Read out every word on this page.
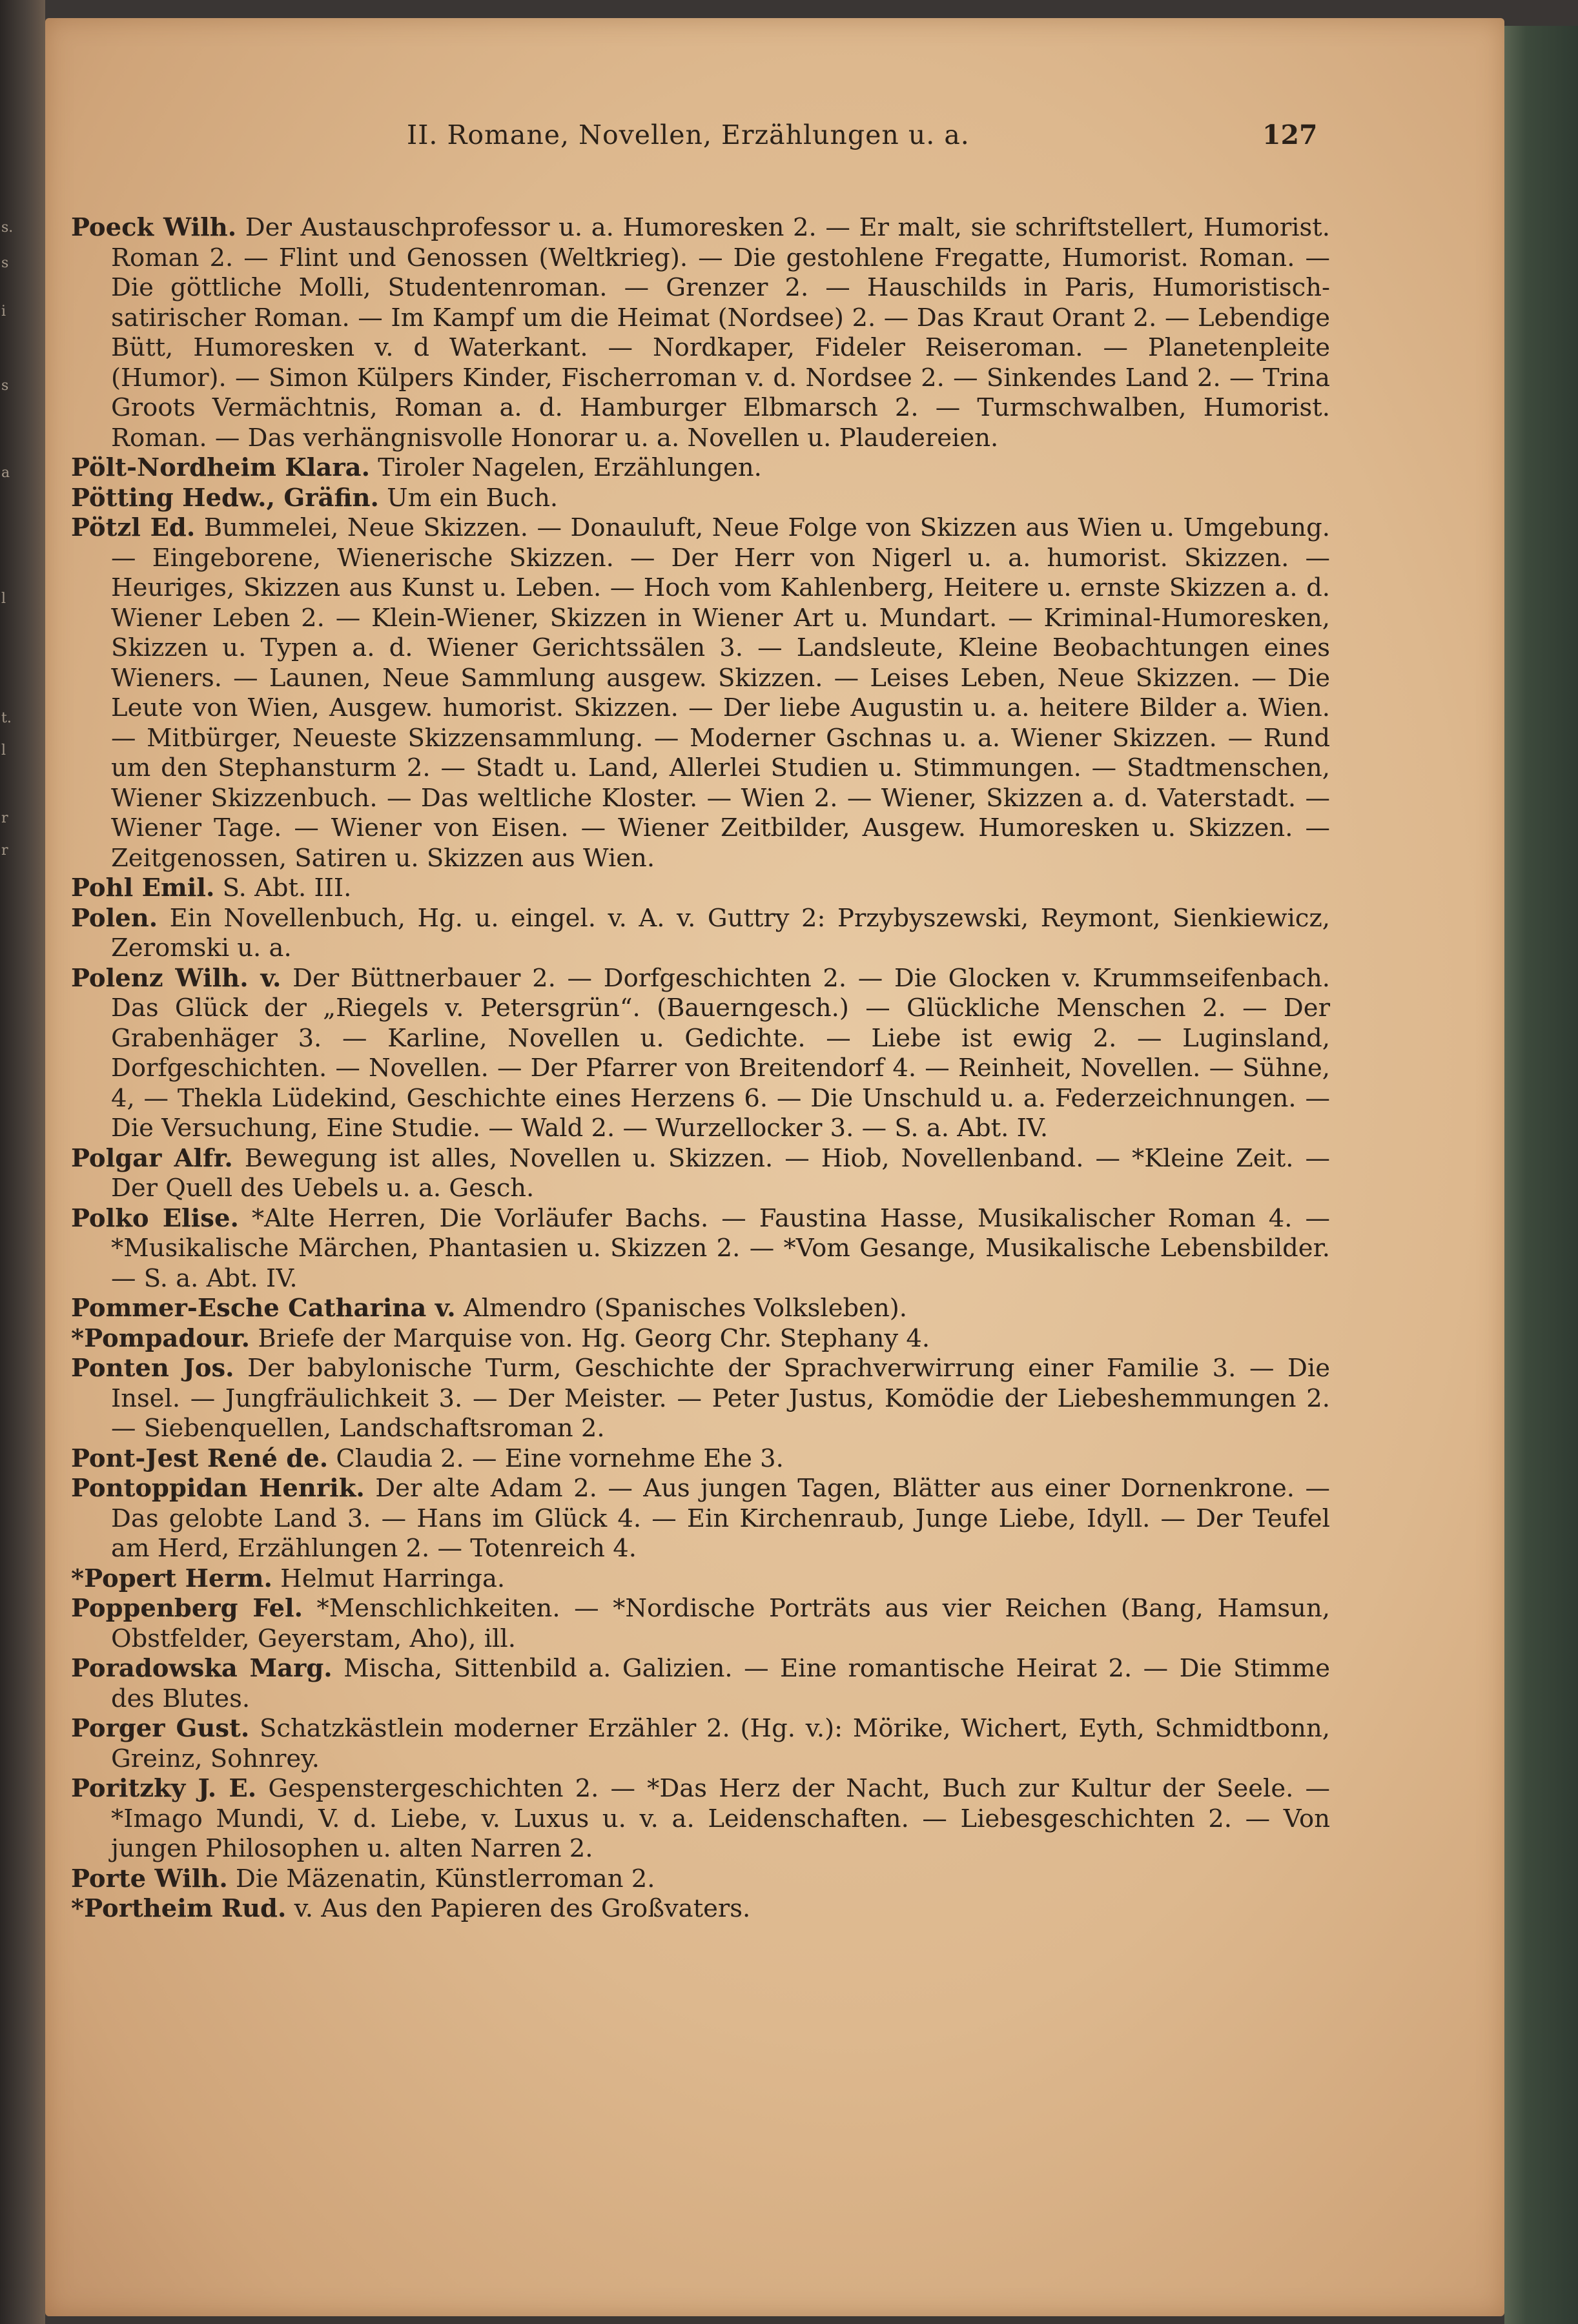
s.
s
i
s
a
l
t.
l
r
r
II. Romane, Novellen, Erzählungen u. a.	127

Poeck Wilh. Der Austauschprofessor u. a. Humoresken 2. — Er malt, sie schriftstellert, Humorist. Roman 2. — Flint und Genossen (Weltkrieg). — Die gestohlene Fregatte, Humorist. Roman. — Die göttliche Molli, Studentenroman. — Grenzer 2. — Hauschilds in Paris, Humoristisch-satirischer Roman. — Im Kampf um die Heimat (Nordsee) 2. — Das Kraut Orant 2. — Lebendige Bütt, Humoresken v. d Waterkant. — Nordkaper, Fideler Reiseroman. — Planetenpleite (Humor). — Simon Külpers Kinder, Fischerroman v. d. Nordsee 2. — Sinkendes Land 2. — Trina Groots Vermächtnis, Roman a. d. Hamburger Elbmarsch 2. — Turmschwalben, Humorist. Roman. — Das verhängnisvolle Honorar u. a. Novellen u. Plaudereien.

Pölt-Nordheim Klara. Tiroler Nagelen, Erzählungen.

Pötting Hedw., Gräfin. Um ein Buch.

Pötzl Ed. Bummelei, Neue Skizzen. — Donauluft, Neue Folge von Skizzen aus Wien u. Umgebung. — Eingeborene, Wienerische Skizzen. — Der Herr von Nigerl u. a. humorist. Skizzen. — Heuriges, Skizzen aus Kunst u. Leben. — Hoch vom Kahlenberg, Heitere u. ernste Skizzen a. d. Wiener Leben 2. — Klein-Wiener, Skizzen in Wiener Art u. Mundart. — Kriminal-Humoresken, Skizzen u. Typen a. d. Wiener Gerichtssälen 3. — Landsleute, Kleine Beobachtungen eines Wieners. — Launen, Neue Sammlung ausgew. Skizzen. — Leises Leben, Neue Skizzen. — Die Leute von Wien, Ausgew. humorist. Skizzen. — Der liebe Augustin u. a. heitere Bilder a. Wien. — Mitbürger, Neueste Skizzensammlung. — Moderner Gschnas u. a. Wiener Skizzen. — Rund um den Stephansturm 2. — Stadt u. Land, Allerlei Studien u. Stimmungen. — Stadtmenschen, Wiener Skizzenbuch. — Das weltliche Kloster. — Wien 2. — Wiener, Skizzen a. d. Vaterstadt. — Wiener Tage. — Wiener von Eisen. — Wiener Zeitbilder, Ausgew. Humoresken u. Skizzen. — Zeitgenossen, Satiren u. Skizzen aus Wien.

Pohl Emil. S. Abt. III.

Polen. Ein Novellenbuch, Hg. u. eingel. v. A. v. Guttry 2: Przybyszewski, Reymont, Sienkiewicz, Zeromski u. a.

Polenz Wilh. v. Der Büttnerbauer 2. — Dorfgeschichten 2. — Die Glocken v. Krummseifenbach. Das Glück der „Riegels v. Petersgrün“. (Bauerngesch.) — Glückliche Menschen 2. — Der Grabenhäger 3. — Karline, Novellen u. Gedichte. — Liebe ist ewig 2. — Luginsland, Dorfgeschichten. — Novellen. — Der Pfarrer von Breitendorf 4. — Reinheit, Novellen. — Sühne, 4, — Thekla Lüdekind, Geschichte eines Herzens 6. — Die Unschuld u. a. Federzeichnungen. — Die Versuchung, Eine Studie. — Wald 2. — Wurzellocker 3. — S. a. Abt. IV.

Polgar Alfr. Bewegung ist alles, Novellen u. Skizzen. — Hiob, Novellenband. — *Kleine Zeit. — Der Quell des Uebels u. a. Gesch.

Polko Elise. *Alte Herren, Die Vorläufer Bachs. — Faustina Hasse, Musikalischer Roman 4. — *Musikalische Märchen, Phantasien u. Skizzen 2. — *Vom Gesange, Musikalische Lebensbilder. — S. a. Abt. IV.

Pommer-Esche Catharina v. Almendro (Spanisches Volksleben).

*Pompadour. Briefe der Marquise von. Hg. Georg Chr. Stephany 4.

Ponten Jos. Der babylonische Turm, Geschichte der Sprachverwirrung einer Familie 3. — Die Insel. — Jungfräulichkeit 3. — Der Meister. — Peter Justus, Komödie der Liebeshemmungen 2. — Siebenquellen, Landschaftsroman 2.

Pont-Jest René de. Claudia 2. — Eine vornehme Ehe 3.

Pontoppidan Henrik. Der alte Adam 2. — Aus jungen Tagen, Blätter aus einer Dornenkrone. — Das gelobte Land 3. — Hans im Glück 4. — Ein Kirchenraub, Junge Liebe, Idyll. — Der Teufel am Herd, Erzählungen 2. — Totenreich 4.

*Popert Herm. Helmut Harringa.

Poppenberg Fel. *Menschlichkeiten. — *Nordische Porträts aus vier Reichen (Bang, Hamsun, Obstfelder, Geyerstam, Aho), ill.

Poradowska Marg. Mischa, Sittenbild a. Galizien. — Eine romantische Heirat 2. — Die Stimme des Blutes.

Porger Gust. Schatzkästlein moderner Erzähler 2. (Hg. v.): Mörike, Wichert, Eyth, Schmidtbonn, Greinz, Sohnrey.

Poritzky J. E. Gespenstergeschichten 2. — *Das Herz der Nacht, Buch zur Kultur der Seele. — *Imago Mundi, V. d. Liebe, v. Luxus u. v. a. Leidenschaften. — Liebesgeschichten 2. — Von jungen Philosophen u. alten Narren 2.

Porte Wilh. Die Mäzenatin, Künstlerroman 2.

*Portheim Rud. v. Aus den Papieren des Großvaters.
